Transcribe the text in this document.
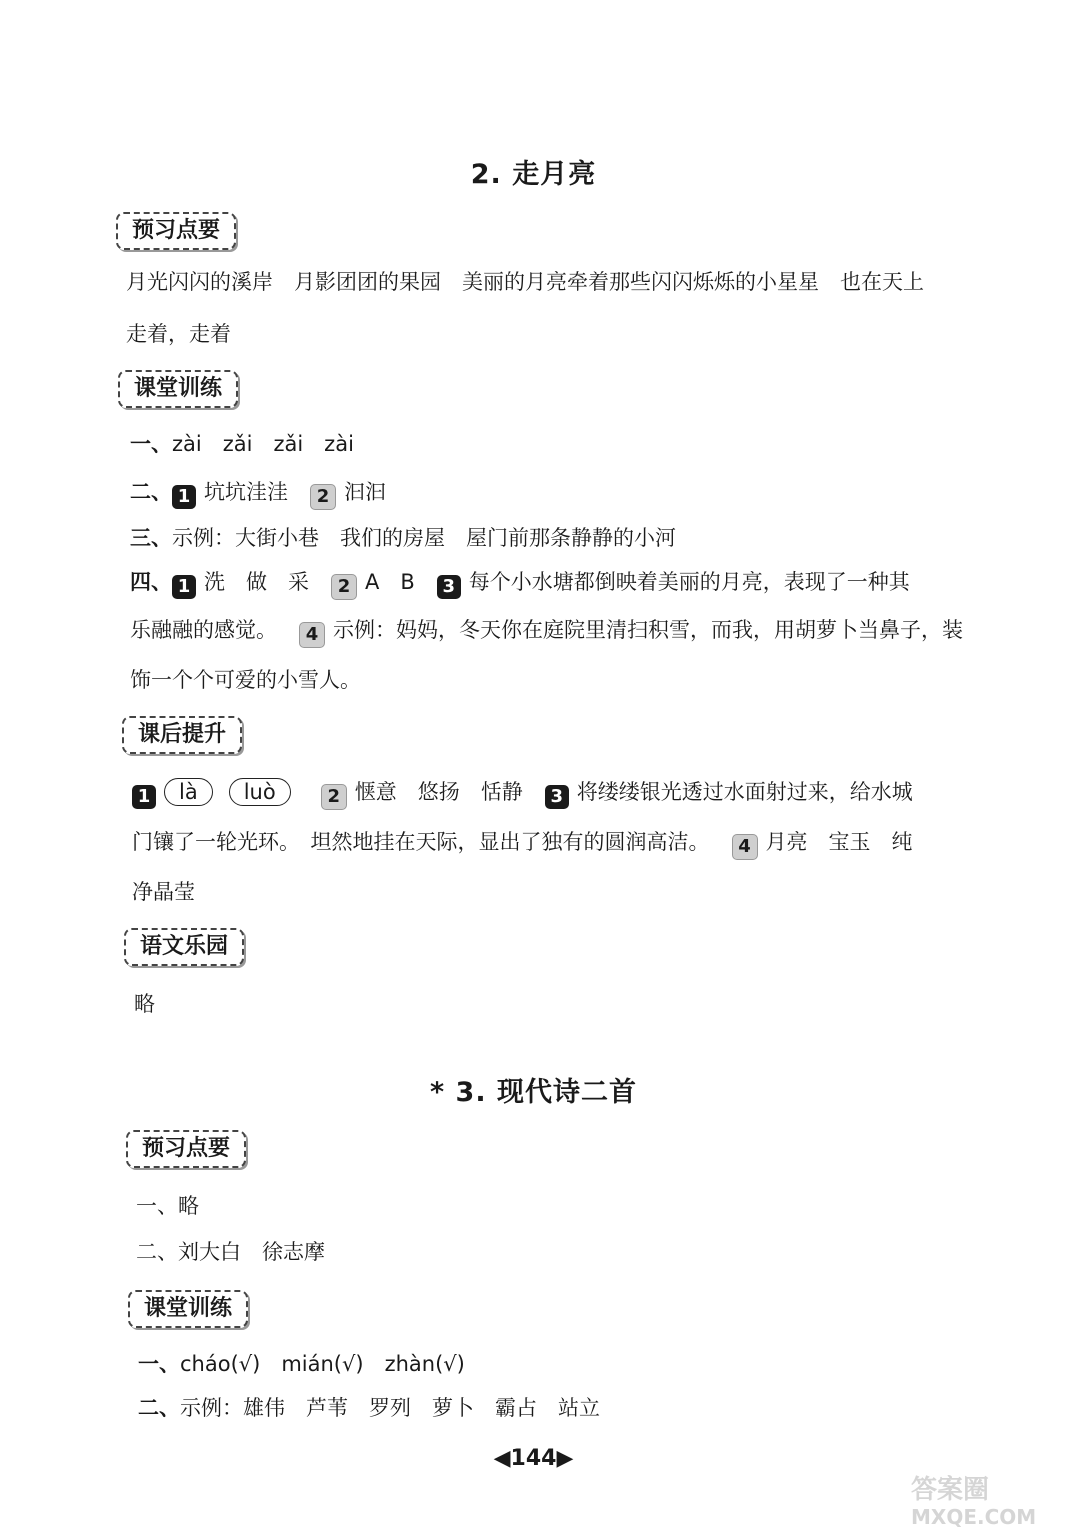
2. 走月亮
预习点要
月光闪闪的溪岸　月影团团的果园　美丽的月亮牵着那些闪闪烁烁的小星星　也在天上
走着，走着
课堂训练
一、zài　zǎi　zǎi　zài
二、 1 坑坑洼洼 2 汩汩
三、示例：大街小巷　我们的房屋　屋门前那条静静的小河
四、 1 洗　做　采 2 A　B 3 每个小水塘都倒映着美丽的月亮，表现了一种其
乐融融的感觉。 4 示例：妈妈，冬天你在庭院里清扫积雪，而我，用胡萝卜当鼻子，装
饰一个个可爱的小雪人。
课后提升
1 là luò	2 惬意　悠扬　恬静 3 将缕缕银光透过水面射过来，给水城
门镶了一轮光环。　坦然地挂在天际，显出了独有的圆润高洁。 4 月亮　宝玉　纯
净晶莹
语文乐园
略
* 3. 现代诗二首
预习点要
一、略
二、刘大白　徐志摩
课堂训练
一、cháo(√)　mián(√)　zhàn(√)
二、示例：雄伟　芦苇　罗列　萝卜　霸占　站立
◀144▶
答案圈
MXQE.COM
